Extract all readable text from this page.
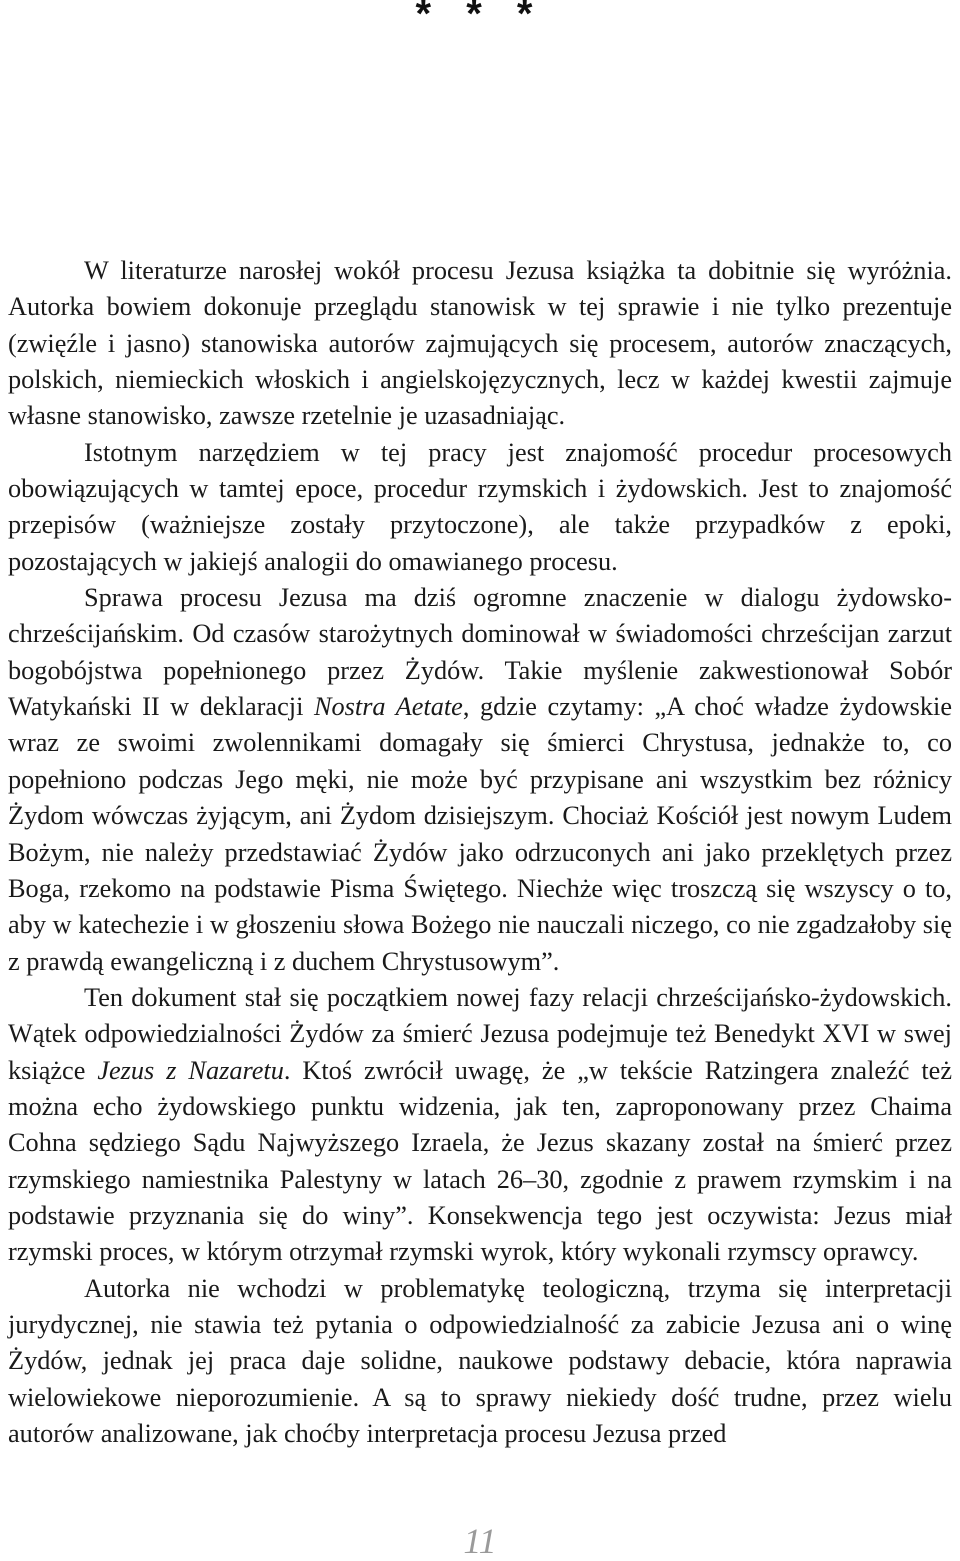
* * *

W literaturze narosłej wokół procesu Jezusa książka ta dobitnie się wyróżnia. Autorka bowiem dokonuje przeglądu stanowisk w tej sprawie i nie tylko prezentuje (zwięźle i jasno) stanowiska autorów zajmujących się procesem, autorów znaczących, polskich, niemieckich włoskich i angielskojęzycznych, lecz w każdej kwestii zajmuje własne stanowisko, zawsze rzetelnie je uzasadniając.

Istotnym narzędziem w tej pracy jest znajomość procedur procesowych obowiązujących w tamtej epoce, procedur rzymskich i żydowskich. Jest to znajomość przepisów (ważniejsze zostały przytoczone), ale także przypadków z epoki, pozostających w jakiejś analogii do omawianego procesu.

Sprawa procesu Jezusa ma dziś ogromne znaczenie w dialogu żydowsko-chrześcijańskim. Od czasów starożytnych dominował w świadomości chrześcijan zarzut bogobójstwa popełnionego przez Żydów. Takie myślenie zakwestionował Sobór Watykański II w deklaracji Nostra Aetate, gdzie czytamy: „A choć władze żydowskie wraz ze swoimi zwolennikami domagały się śmierci Chrystusa, jednakże to, co popełniono podczas Jego męki, nie może być przypisane ani wszystkim bez różnicy Żydom wówczas żyjącym, ani Żydom dzisiejszym. Chociaż Kościół jest nowym Ludem Bożym, nie należy przedstawiać Żydów jako odrzuconych ani jako przeklętych przez Boga, rzekomo na podstawie Pisma Świętego. Niechże więc troszczą się wszyscy o to, aby w katechezie i w głoszeniu słowa Bożego nie nauczali niczego, co nie zgadzałoby się z prawdą ewangeliczną i z duchem Chrystusowym”.

Ten dokument stał się początkiem nowej fazy relacji chrześcijańsko-żydowskich. Wątek odpowiedzialności Żydów za śmierć Jezusa podejmuje też Benedykt XVI w swej książce Jezus z Nazaretu. Ktoś zwrócił uwagę, że „w tekście Ratzingera znaleźć też można echo żydowskiego punktu widzenia, jak ten, zaproponowany przez Chaima Cohna sędziego Sądu Najwyższego Izraela, że Jezus skazany został na śmierć przez rzymskiego namiestnika Palestyny w latach 26–30, zgodnie z prawem rzymskim i na podstawie przyznania się do winy”. Konsekwencja tego jest oczywista: Jezus miał rzymski proces, w którym otrzymał rzymski wyrok, który wykonali rzymscy oprawcy.

Autorka nie wchodzi w problematykę teologiczną, trzyma się interpretacji jurydycznej, nie stawia też pytania o odpowiedzialność za zabicie Jezusa ani o winę Żydów, jednak jej praca daje solidne, naukowe podstawy debacie, która naprawia wielowiekowe nieporozumienie. A są to sprawy niekiedy dość trudne, przez wielu autorów analizowane, jak choćby interpretacja procesu Jezusa przed

11
